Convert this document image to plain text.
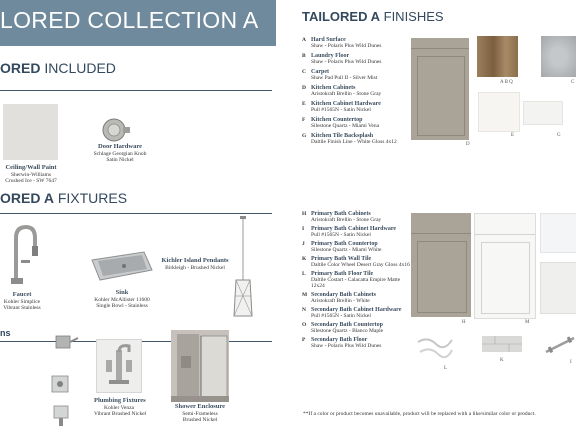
LORED COLLECTION A
ORED INCLUDED
Ceiling/Wall Paint
Sherwin-Williams
Crushed Ice - SW 7647
Door Hardware
Schlage Georgian Knob
Satin Nickel
ORED A FIXTURES
Faucet
Kohler Simplice
Vibrant Stainless
Sink
Kohler McAllister 11600
Single Bowl - Stainless
Kichler Island Pendants
Birkleigh - Brushed Nickel
ns
Plumbing Fixtures
Kohler Venza
Vibrant Brushed Nickel
Shower Enclosure
Semi-Frameless
Brushed Nickel
TAILORED A FINISHES
A Hard Surface
Shaw - Polaris Plus Wild Dunes
B Laundry Floor
Shaw - Polaris Plus Wild Dunes
C Carpet
Shaw Pad Pull II - Silver Mist
D Kitchen Cabinets
Aristokraft Brellin - Stone Gray
E Kitchen Cabinet Hardware
Pull #1565N - Satin Nickel
F Kitchen Countertop
Silestone Quartz - Miami Vena
G Kitchen Tile Backsplash
Daltile Finish Line - White Gloss 4x12	D
A B Q	C
E	G
H Primary Bath Cabinets
Aristokraft Brellin - Stone Gray
I Primary Bath Cabinet Hardware
Pull #1565N - Satin Nickel
J Primary Bath Countertop
Silestone Quartz - Miami White
K Primary Bath Wall Tile
Daltile Color Wheel Desert Gray Gloss 4x16
L Primary Bath Floor Tile
Daltile Costart - Calacatta Empire Matte 12x24
M Secondary Bath Cabinets
Aristokraft Brellin - White
N Secondary Bath Cabinet Hardware
Pull #1565N - Satin Nickel
O Secondary Bath Countertop
Silestone Quartz - Blanco Maple
P Secondary Bath Floor
Shaw - Polaris Plus Wild Dunes
H	M
L
K	I
**If a color or product becomes unavailable, product will be replaced with a like/similar color or product.
